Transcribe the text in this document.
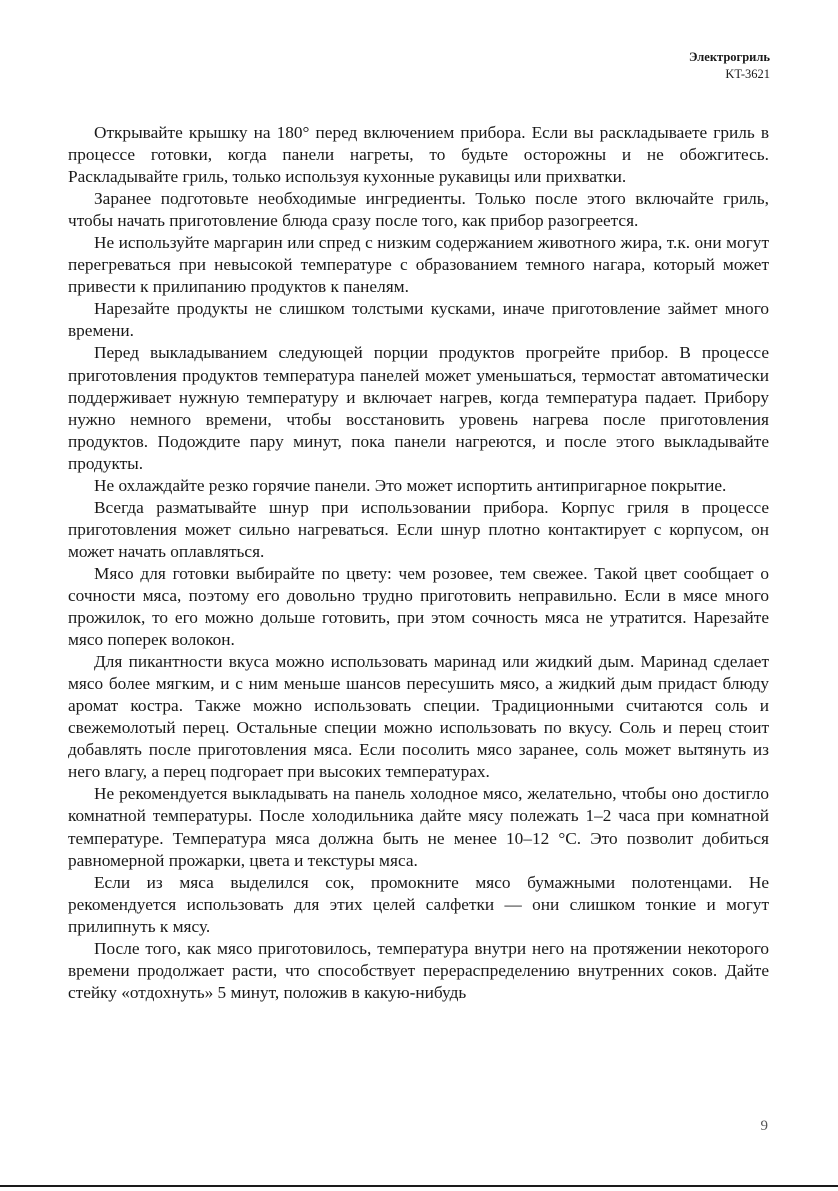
Электрогриль
KT-3621

Открывайте крышку на 180° перед включением прибора. Если вы раскладываете гриль в процессе готовки, когда панели нагреты, то будьте осторожны и не обожгитесь. Раскладывайте гриль, только используя кухонные рукавицы или прихватки.

Заранее подготовьте необходимые ингредиенты. Только после этого включайте гриль, чтобы начать приготовление блюда сразу после того, как прибор разогреется.

Не используйте маргарин или спред с низким содержанием животного жира, т.к. они могут перегреваться при невысокой температуре с образованием темного нагара, который может привести к прилипанию продуктов к панелям.

Нарезайте продукты не слишком толстыми кусками, иначе приготовление займет много времени.

Перед выкладыванием следующей порции продуктов прогрейте прибор. В процессе приготовления продуктов температура панелей может уменьшаться, термостат автоматически поддерживает нужную температуру и включает нагрев, когда температура падает. Прибору нужно немного времени, чтобы восстановить уровень нагрева после приготовления продуктов. Подождите пару минут, пока панели нагреются, и после этого выкладывайте продукты.

Не охлаждайте резко горячие панели. Это может испортить антипригарное покрытие.

Всегда разматывайте шнур при использовании прибора. Корпус гриля в процессе приготовления может сильно нагреваться. Если шнур плотно контактирует с корпусом, он может начать оплавляться.

Мясо для готовки выбирайте по цвету: чем розовее, тем свежее. Такой цвет сообщает о сочности мяса, поэтому его довольно трудно приготовить неправильно. Если в мясе много прожилок, то его можно дольше готовить, при этом сочность мяса не утратится. Нарезайте мясо поперек волокон.

Для пикантности вкуса можно использовать маринад или жидкий дым. Маринад сделает мясо более мягким, и с ним меньше шансов пересушить мясо, а жидкий дым придаст блюду аромат костра. Также можно использовать специи. Традиционными считаются соль и свежемолотый перец. Остальные специи можно использовать по вкусу. Соль и перец стоит добавлять после приготовления мяса. Если посолить мясо заранее, соль может вытянуть из него влагу, а перец подгорает при высоких температурах.

Не рекомендуется выкладывать на панель холодное мясо, желательно, чтобы оно достигло комнатной температуры. После холодильника дайте мясу полежать 1–2 часа при комнатной температуре. Температура мяса должна быть не менее 10–12 °C. Это позволит добиться равномерной прожарки, цвета и текстуры мяса.

Если из мяса выделился сок, промокните мясо бумажными полотенцами. Не рекомендуется использовать для этих целей салфетки — они слишком тонкие и могут прилипнуть к мясу.

После того, как мясо приготовилось, температура внутри него на протяжении некоторого времени продолжает расти, что способствует перераспределению внутренних соков. Дайте стейку «отдохнуть» 5 минут, положив в какую-нибудь

9
